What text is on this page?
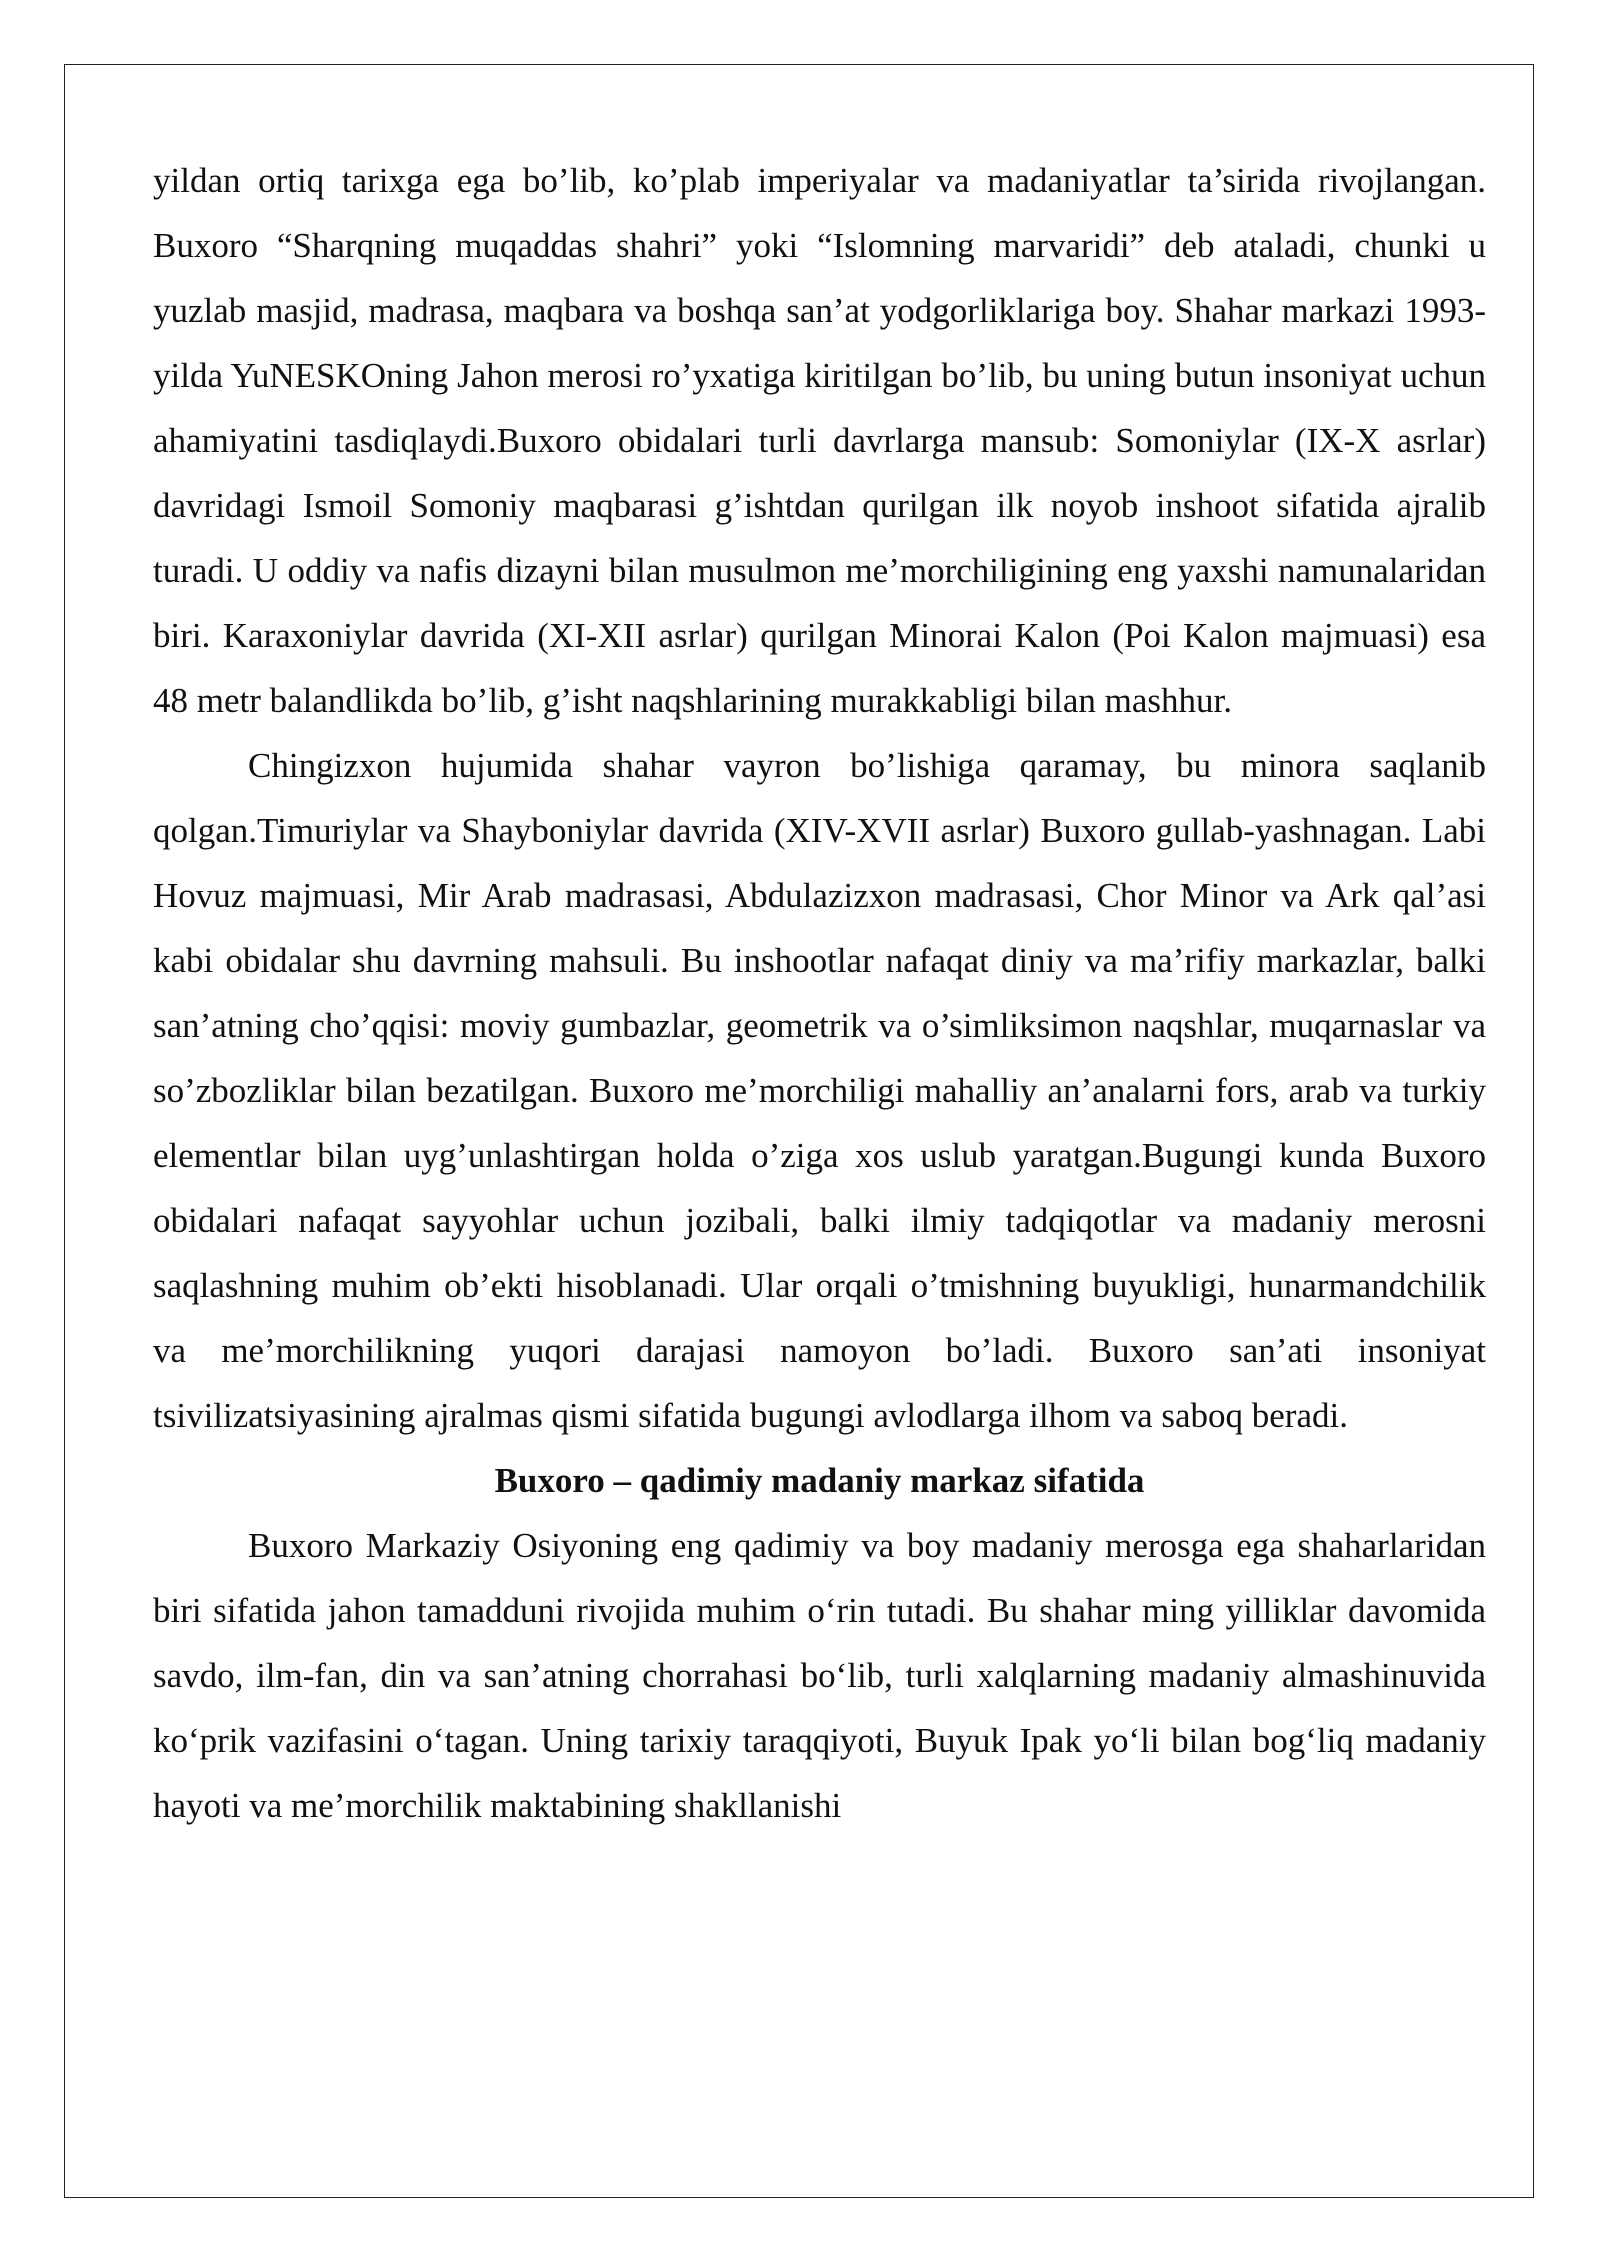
yildan ortiq tarixga ega bo’lib, ko’plab imperiyalar va madaniyatlar ta’sirida rivojlangan. Buxoro “Sharqning muqaddas shahri” yoki “Islomning marvaridi” deb ataladi, chunki u yuzlab masjid, madrasa, maqbara va boshqa san’at yodgorliklariga boy. Shahar markazi 1993-yilda YuNESKOning Jahon merosi ro’yxatiga kiritilgan bo’lib, bu uning butun insoniyat uchun ahamiyatini tasdiqlaydi.Buxoro obidalari turli davrlarga mansub: Somoniylar (IX-X asrlar) davridagi Ismoil Somoniy maqbarasi g’ishtdan qurilgan ilk noyob inshoot sifatida ajralib turadi. U oddiy va nafis dizayni bilan musulmon me’morchiligining eng yaxshi namunalaridan biri. Karaxoniylar davrida (XI-XII asrlar) qurilgan Minorai Kalon (Poi Kalon majmuasi) esa 48 metr balandlikda bo’lib, g’isht naqshlarining murakkabligi bilan mashhur.

Chingizxon hujumida shahar vayron bo’lishiga qaramay, bu minora saqlanib qolgan.Timuriylar va Shayboniylar davrida (XIV-XVII asrlar) Buxoro gullab-yashnagan. Labi Hovuz majmuasi, Mir Arab madrasasi, Abdulazizxon madrasasi, Chor Minor va Ark qal’asi kabi obidalar shu davrning mahsuli. Bu inshootlar nafaqat diniy va ma’rifiy markazlar, balki san’atning cho’qqisi: moviy gumbazlar, geometrik va o’simliksimon naqshlar, muqarnaslar va so’zbozliklar bilan bezatilgan. Buxoro me’morchiligi mahalliy an’analarni fors, arab va turkiy elementlar bilan uyg’unlashtirgan holda o’ziga xos uslub yaratgan.Bugungi kunda Buxoro obidalari nafaqat sayyohlar uchun jozibali, balki ilmiy tadqiqotlar va madaniy merosni saqlashning muhim ob’ekti hisoblanadi. Ular orqali o’tmishning buyukligi, hunarmandchilik va me’morchilikning yuqori darajasi namoyon bo’ladi. Buxoro san’ati insoniyat tsivilizatsiyasining ajralmas qismi sifatida bugungi avlodlarga ilhom va saboq beradi.

Buxoro – qadimiy madaniy markaz sifatida

Buxoro Markaziy Osiyoning eng qadimiy va boy madaniy merosga ega shaharlaridan biri sifatida jahon tamadduni rivojida muhim o‘rin tutadi. Bu shahar ming yilliklar davomida savdo, ilm-fan, din va san’atning chorrahasi bo‘lib, turli xalqlarning madaniy almashinuvida ko‘prik vazifasini o‘tagan. Uning tarixiy taraqqiyoti, Buyuk Ipak yo‘li bilan bog‘liq madaniy hayoti va me’morchilik maktabining shakllanishi
